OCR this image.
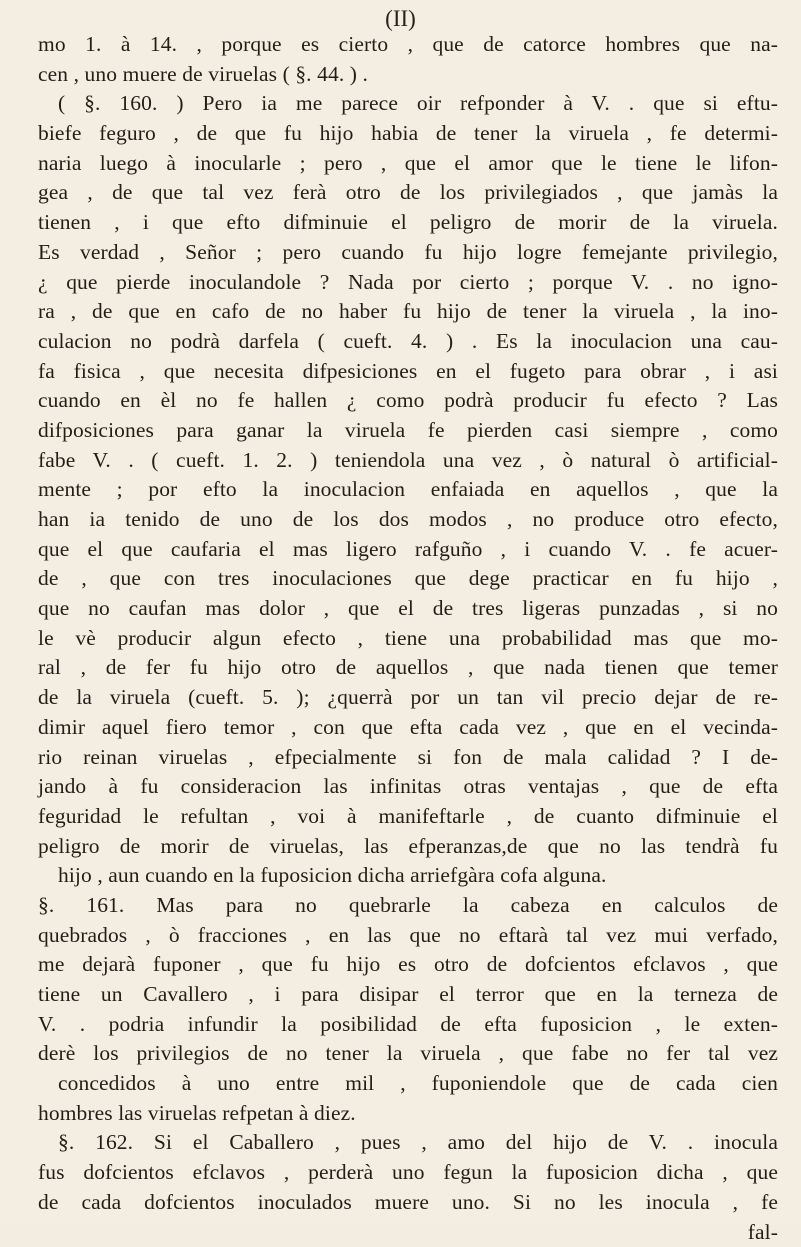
(II)
mo 1. à 14. , porque es cierto , que de catorce hombres que na-
cen , uno muere de viruelas ( §. 44. ) .
( §. 160. ) Pero ia me parece oir refponder à V. . que si eftu-
biefe feguro , de que fu hijo habia de tener la viruela , fe determi-
naria luego à inocularle ; pero , que el amor que le tiene le lifon-
gea , de que tal vez ferà otro de los privilegiados , que jamàs la
tienen , i que efto difminuie el peligro de morir de la viruela.
Es verdad , Señor ; pero cuando fu hijo logre femejante privilegio,
¿ que pierde inoculandole ? Nada por cierto ; porque V. . no igno-
ra , de que en cafo de no haber fu hijo de tener la viruela , la ino-
culacion no podrà darfela ( cueft. 4. ) . Es la inoculacion una cau-
fa fisica , que necesita difpesiciones en el fugeto para obrar , i asi
cuando en èl no fe hallen ¿ como podrà producir fu efecto ? Las
difposiciones para ganar la viruela fe pierden casi siempre , como
fabe V. . ( cueft. 1. 2. ) teniendola una vez , ò natural ò artificial-
mente ; por efto la inoculacion enfaiada en aquellos , que la
han ia tenido de uno de los dos modos , no produce otro efecto,
que el que caufaria el mas ligero rafguño , i cuando V. . fe acuer-
de , que con tres inoculaciones que dege practicar en fu hijo ,
que no caufan mas dolor , que el de tres ligeras punzadas , si no
le vè producir algun efecto , tiene una probabilidad mas que mo-
ral , de fer fu hijo otro de aquellos , que nada tienen que temer
de la viruela (cueft. 5. ); ¿querrà por un tan vil precio dejar de re-
dimir aquel fiero temor , con que efta cada vez , que en el vecinda-
rio reinan viruelas , efpecialmente si fon de mala calidad ? I de-
jando à fu consideracion las infinitas otras ventajas , que de efta
feguridad le refultan , voi à manifeftarle , de cuanto difminuie el
peligro de morir de viruelas, las efperanzas,de que no las tendrà fu
hijo , aun cuando en la fuposicion dicha arriefgàra cofa alguna.
§. 161. Mas para no quebrarle la cabeza en calculos de
quebrados , ò fracciones , en las que no eftarà tal vez mui verfado,
me dejarà fuponer , que fu hijo es otro de dofcientos efclavos , que
tiene un Cavallero , i para disipar el terror que en la terneza de
V. . podria infundir la posibilidad de efta fuposicion , le exten-
derè los privilegios de no tener la viruela , que fabe no fer tal vez
concedidos à uno entre mil , fuponiendole que de cada cien
hombres las viruelas refpetan à diez.
§. 162. Si el Caballero , pues , amo del hijo de V. . inocula
fus dofcientos efclavos , perderà uno fegun la fuposicion dicha , que
de cada dofcientos inoculados muere uno. Si no les inocula , fe
fal-
